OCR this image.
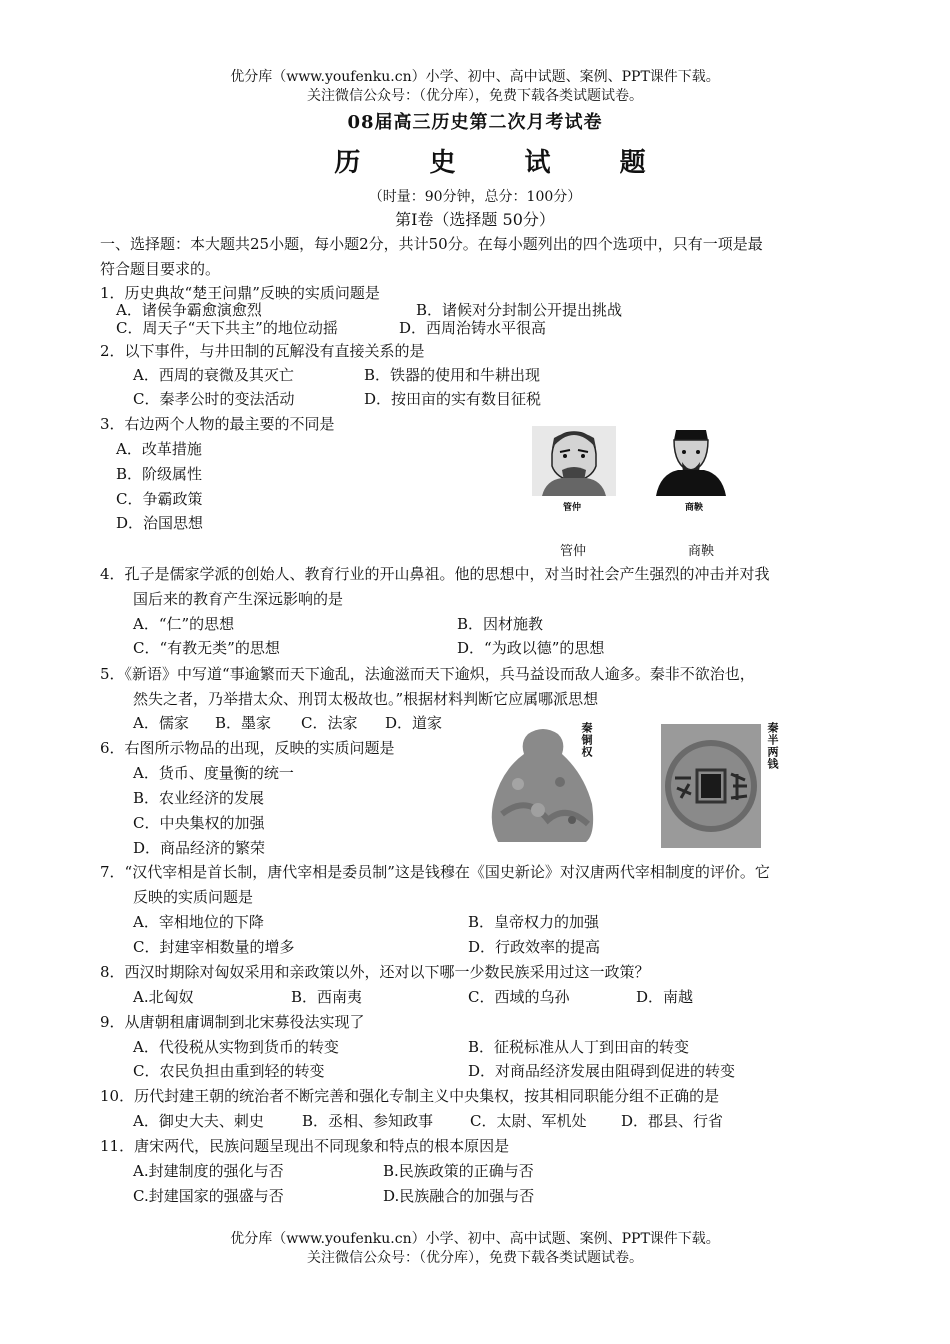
优分库（www.youfenku.cn）小学、初中、高中试题、案例、PPT课件下载。
关注微信公众号：（优分库），免费下载各类试题试卷。
08届高三历史第二次月考试卷
历 史 试 题
（时量：90分钟，总分：100分）
第Ⅰ卷（选择题 50分）
一、选择题：本大题共25小题，每小题2分，共计50分。在每小题列出的四个选项中，只有一项是最
符合题目要求的。
1．历史典故“楚王问鼎”反映的实质问题是
A．诸侯争霸愈演愈烈	B．诸候对分封制公开提出挑战
C．周天子“天下共主”的地位动摇	D．西周治铸水平很高
2．以下事件，与井田制的瓦解没有直接关系的是
A．西周的衰微及其灭亡	B．铁器的使用和牛耕出现
C．秦孝公时的变法活动	D．按田亩的实有数目征税
3．右边两个人物的最主要的不同是
A．改革措施
B．阶级属性
C．争霸政策
D．治国思想
管仲	商鞅
管仲	商鞅
4．孔子是儒家学派的创始人、教育行业的开山鼻祖。他的思想中，对当时社会产生强烈的冲击并对我
国后来的教育产生深远影响的是
A．“仁”的思想	B．因材施教
C．“有教无类”的思想	D．“为政以德”的思想
5．《新语》中写道“事逾繁而天下逾乱，法逾滋而天下逾炽，兵马益设而敌人逾多。秦非不欲治也，
然失之者，乃举措太众、刑罚太极故也。”根据材料判断它应属哪派思想
A．儒家 B．墨家 C．法家 D．道家
6．右图所示物品的出现，反映的实质问题是
A．货币、度量衡的统一
B．农业经济的发展
C．中央集权的加强
D．商品经济的繁荣
秦铜权	秦半两钱
7．“汉代宰相是首长制，唐代宰相是委员制”这是钱穆在《国史新论》对汉唐两代宰相制度的评价。它
反映的实质问题是
A．宰相地位的下降	B．皇帝权力的加强
C．封建宰相数量的增多	D．行政效率的提高
8．西汉时期除对匈奴采用和亲政策以外，还对以下哪一少数民族采用过这一政策？
A.北匈奴	B．西南夷	C．西域的乌孙	D．南越
9．从唐朝租庸调制到北宋募役法实现了
A．代役税从实物到货币的转变	B．征税标准从人丁到田亩的转变
C．农民负担由重到轻的转变	D．对商品经济发展由阻碍到促进的转变
10．历代封建王朝的统治者不断完善和强化专制主义中央集权，按其相同职能分组不正确的是
A．御史大夫、刺史	B．丞相、参知政事 C．太尉、军机处 D．郡县、行省
11．唐宋两代，民族问题呈现出不同现象和特点的根本原因是
A.封建制度的强化与否	B.民族政策的正确与否
C.封建国家的强盛与否	D.民族融合的加强与否
优分库（www.youfenku.cn）小学、初中、高中试题、案例、PPT课件下载。
关注微信公众号：（优分库），免费下载各类试题试卷。
